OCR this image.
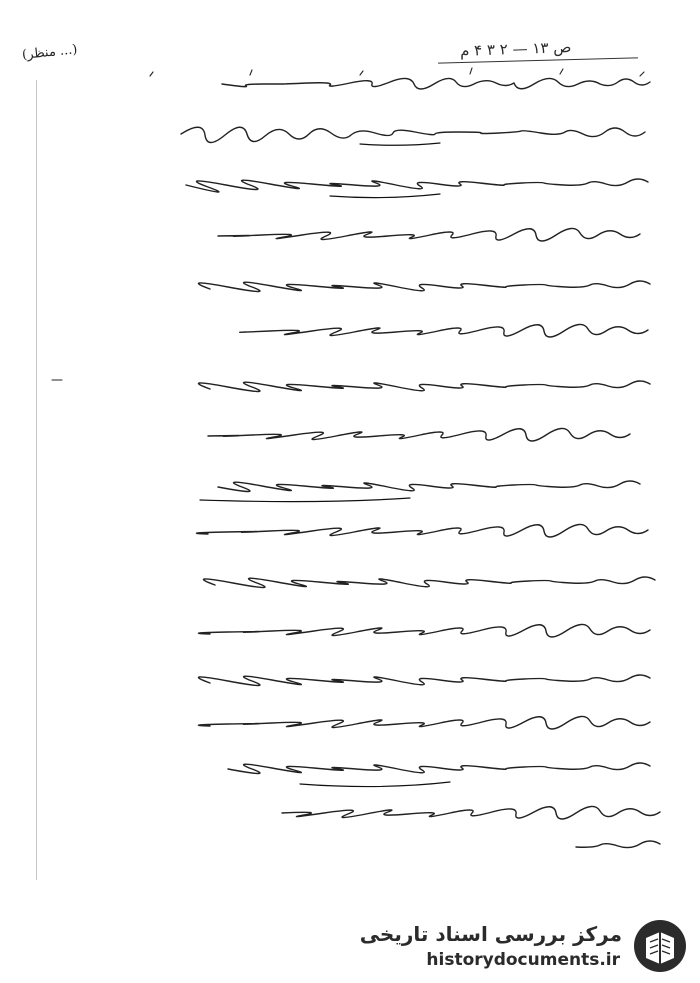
ص ۱۳ — ۲ ۳ ۴ م
(منظر ...)
مرکز بررسی اسناد تاریخی
historydocuments.ir
